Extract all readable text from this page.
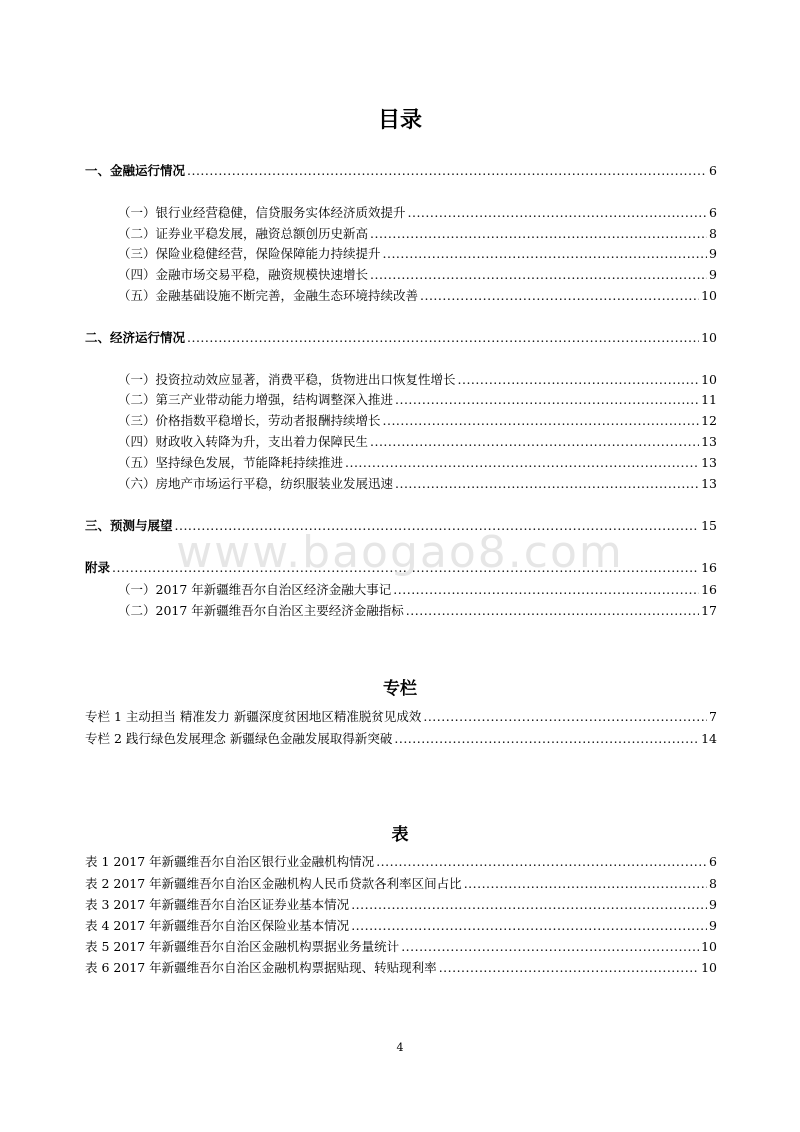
目录
一、金融运行情况 .....	6
（一）银行业经营稳健，信贷服务实体经济质效提升 .....	6
（二）证券业平稳发展，融资总额创历史新高 .....	8
（三）保险业稳健经营，保险保障能力持续提升 .....	9
（四）金融市场交易平稳，融资规模快速增长 .....	9
（五）金融基础设施不断完善，金融生态环境持续改善 .....	10
二、经济运行情况 .....	10
（一）投资拉动效应显著，消费平稳，货物进出口恢复性增长 .....	10
（二）第三产业带动能力增强，结构调整深入推进 .....	11
（三）价格指数平稳增长，劳动者报酬持续增长 .....	12
（四）财政收入转降为升，支出着力保障民生 .....	13
（五）坚持绿色发展，节能降耗持续推进 .....	13
（六）房地产市场运行平稳，纺织服装业发展迅速 .....	13
三、预测与展望 .....	15
附录 .....	16
（一）2017 年新疆维吾尔自治区经济金融大事记 .....	16
（二）2017 年新疆维吾尔自治区主要经济金融指标 .....	17
专栏
专栏 1 主动担当 精准发力 新疆深度贫困地区精准脱贫见成效 .....	7
专栏 2 践行绿色发展理念 新疆绿色金融发展取得新突破 .....	14
表
表 1 2017 年新疆维吾尔自治区银行业金融机构情况 .....	6
表 2 2017 年新疆维吾尔自治区金融机构人民币贷款各利率区间占比 .....	8
表 3 2017 年新疆维吾尔自治区证券业基本情况 .....	9
表 4 2017 年新疆维吾尔自治区保险业基本情况 .....	9
表 5 2017 年新疆维吾尔自治区金融机构票据业务量统计 .....	10
表 6 2017 年新疆维吾尔自治区金融机构票据贴现、转贴现利率 .....	10
www.baogao8.com
4
